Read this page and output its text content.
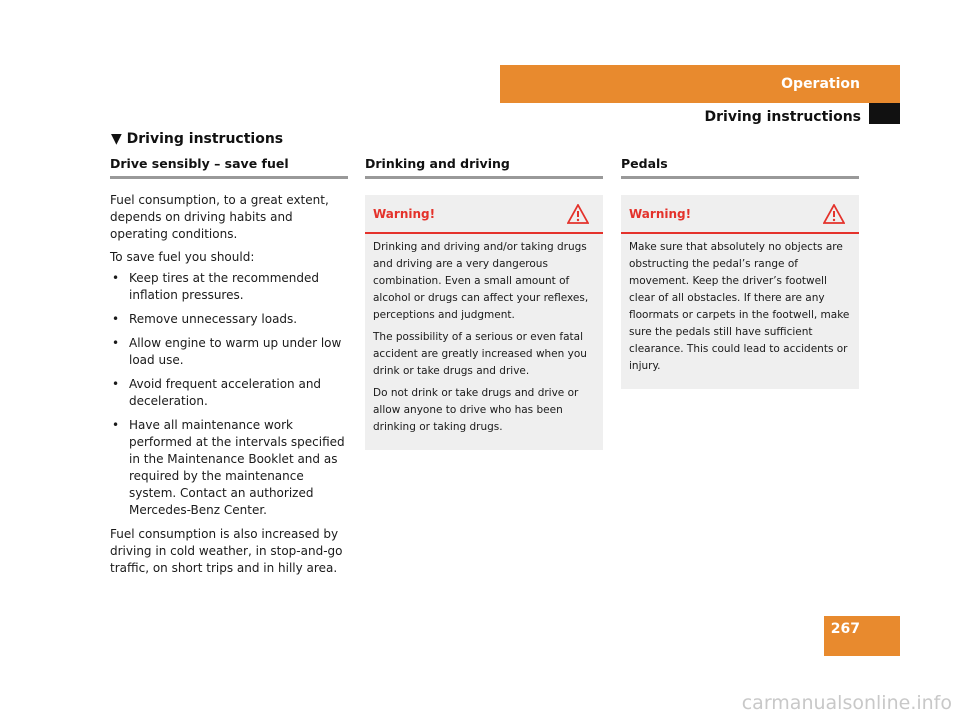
Operation
Driving instructions
▼ Driving instructions
Drive sensibly – save fuel

Fuel consumption, to a great extent, depends on driving habits and operating conditions.

To save fuel you should:

• Keep tires at the recommended inflation pressures.
• Remove unnecessary loads.
• Allow engine to warm up under low load use.
• Avoid frequent acceleration and deceleration.
• Have all maintenance work performed at the intervals specified in the Maintenance Booklet and as required by the maintenance system. Contact an authorized Mercedes-Benz Center.

Fuel consumption is also increased by driving in cold weather, in stop-and-go traffic, on short trips and in hilly area.

Drinking and driving
Warning!

Drinking and driving and/or taking drugs and driving are a very dangerous combination. Even a small amount of alcohol or drugs can affect your reflexes, perceptions and judgment.

The possibility of a serious or even fatal accident are greatly increased when you drink or take drugs and drive.

Do not drink or take drugs and drive or allow anyone to drive who has been drinking or taking drugs.

Pedals
Warning!

Make sure that absolutely no objects are obstructing the pedal’s range of movement. Keep the driver’s footwell clear of all obstacles. If there are any floormats or carpets in the footwell, make sure the pedals still have sufficient clearance. This could lead to accidents or injury.

267
carmanualsonline.info
